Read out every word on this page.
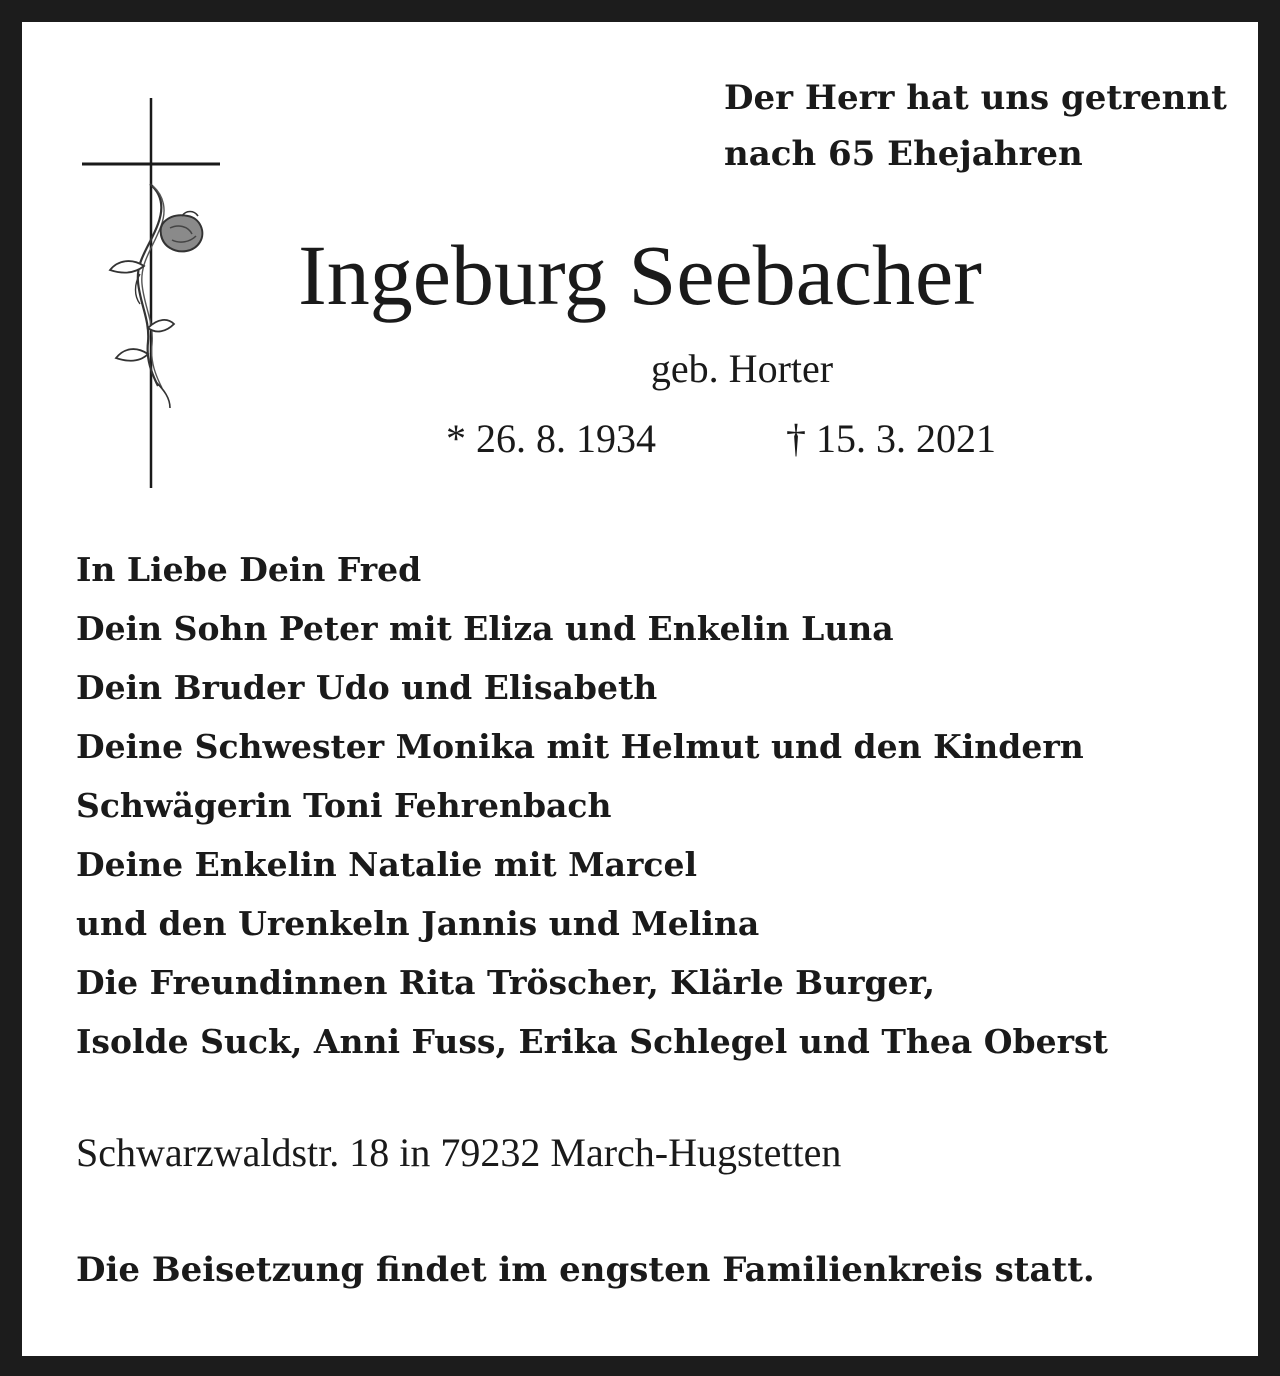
Der Herr hat uns getrennt
nach 65 Ehejahren
Ingeburg Seebacher
geb. Horter
* 26. 8. 1934	† 15. 3. 2021
In Liebe Dein Fred
Dein Sohn Peter mit Eliza und Enkelin Luna
Dein Bruder Udo und Elisabeth
Deine Schwester Monika mit Helmut und den Kindern
Schwägerin Toni Fehrenbach
Deine Enkelin Natalie mit Marcel
und den Urenkeln Jannis und Melina
Die Freundinnen Rita Tröscher, Klärle Burger,
Isolde Suck, Anni Fuss, Erika Schlegel und Thea Oberst
Schwarzwaldstr. 18 in 79232 March-Hugstetten
Die Beisetzung findet im engsten Familienkreis statt.
